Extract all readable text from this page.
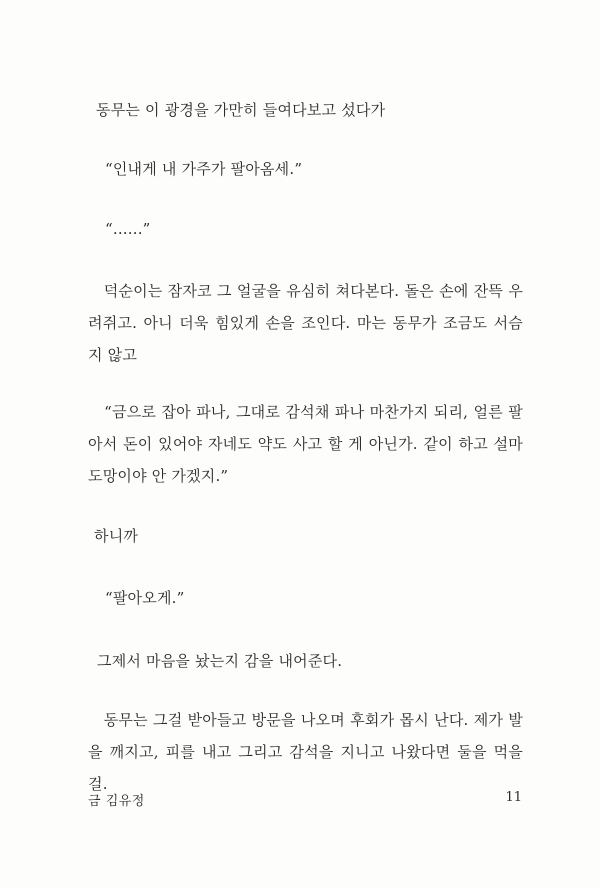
동무는 이 광경을 가만히 들여다보고 섰다가
“인내게 내 가주가 팔아옴세.”
“......”
덕순이는 잠자코 그 얼굴을 유심히 쳐다본다. 돌은 손에 잔뜩 우려쥐고. 아니 더욱 힘있게 손을 조인다. 마는 동무가 조금도 서슴지 않고
“금으로 잡아 파나, 그대로 감석채 파나 마찬가지 되리, 얼른 팔아서 돈이 있어야 자네도 약도 사고 할 게 아닌가. 같이 하고 설마 도망이야 안 가겠지.”
하니까
“팔아오게.”
그제서 마음을 놨는지 감을 내어준다.
동무는 그걸 받아들고 방문을 나오며 후회가 몹시 난다. 제가 발을 깨지고, 피를 내고 그리고 감석을 지니고 나왔다면 둘을 먹을걸.
금 김유정	11
